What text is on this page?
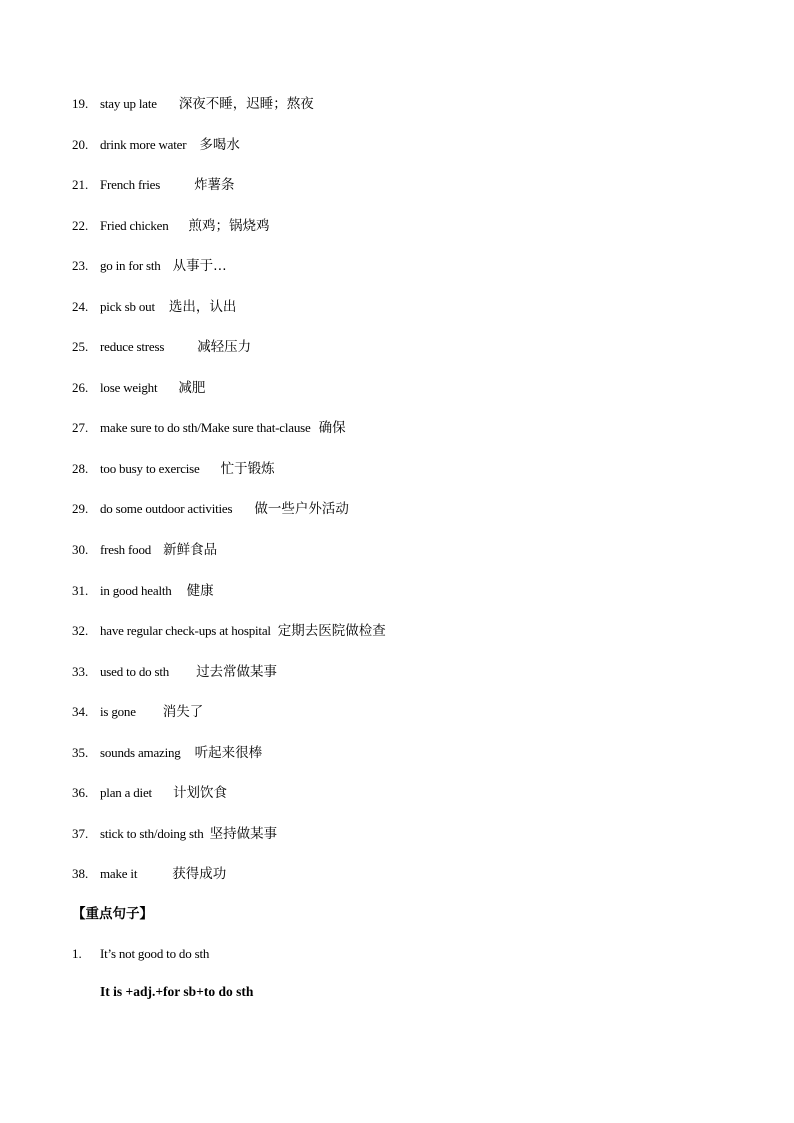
19. stay up late 深夜不睡，迟睡；熬夜
20. drink more water 多喝水
21. French fries	炸薯条
22. Fried chicken 煎鸡；锅烧鸡
23. go in for sth 从事于…
24. pick sb out 选出，认出
25. reduce stress 减轻压力
26. lose weight 减肥
27. make sure to do sth/Make sure that-clause 确保
28. too busy to exercise 忙于锻炼
29. do some outdoor activities 做一些户外活动
30. fresh food 新鲜食品
31. in good health 健康
32. have regular check-ups at hospital 定期去医院做检查
33. used to do sth 过去常做某事
34. is gone 消失了
35. sounds amazing 听起来很棒
36. plan a diet 计划饮食
37. stick to sth/doing sth 坚持做某事
38. make it	获得成功

【重点句子】

1.	It’s not good to do sth
It is +adj.+for sb+to do sth
